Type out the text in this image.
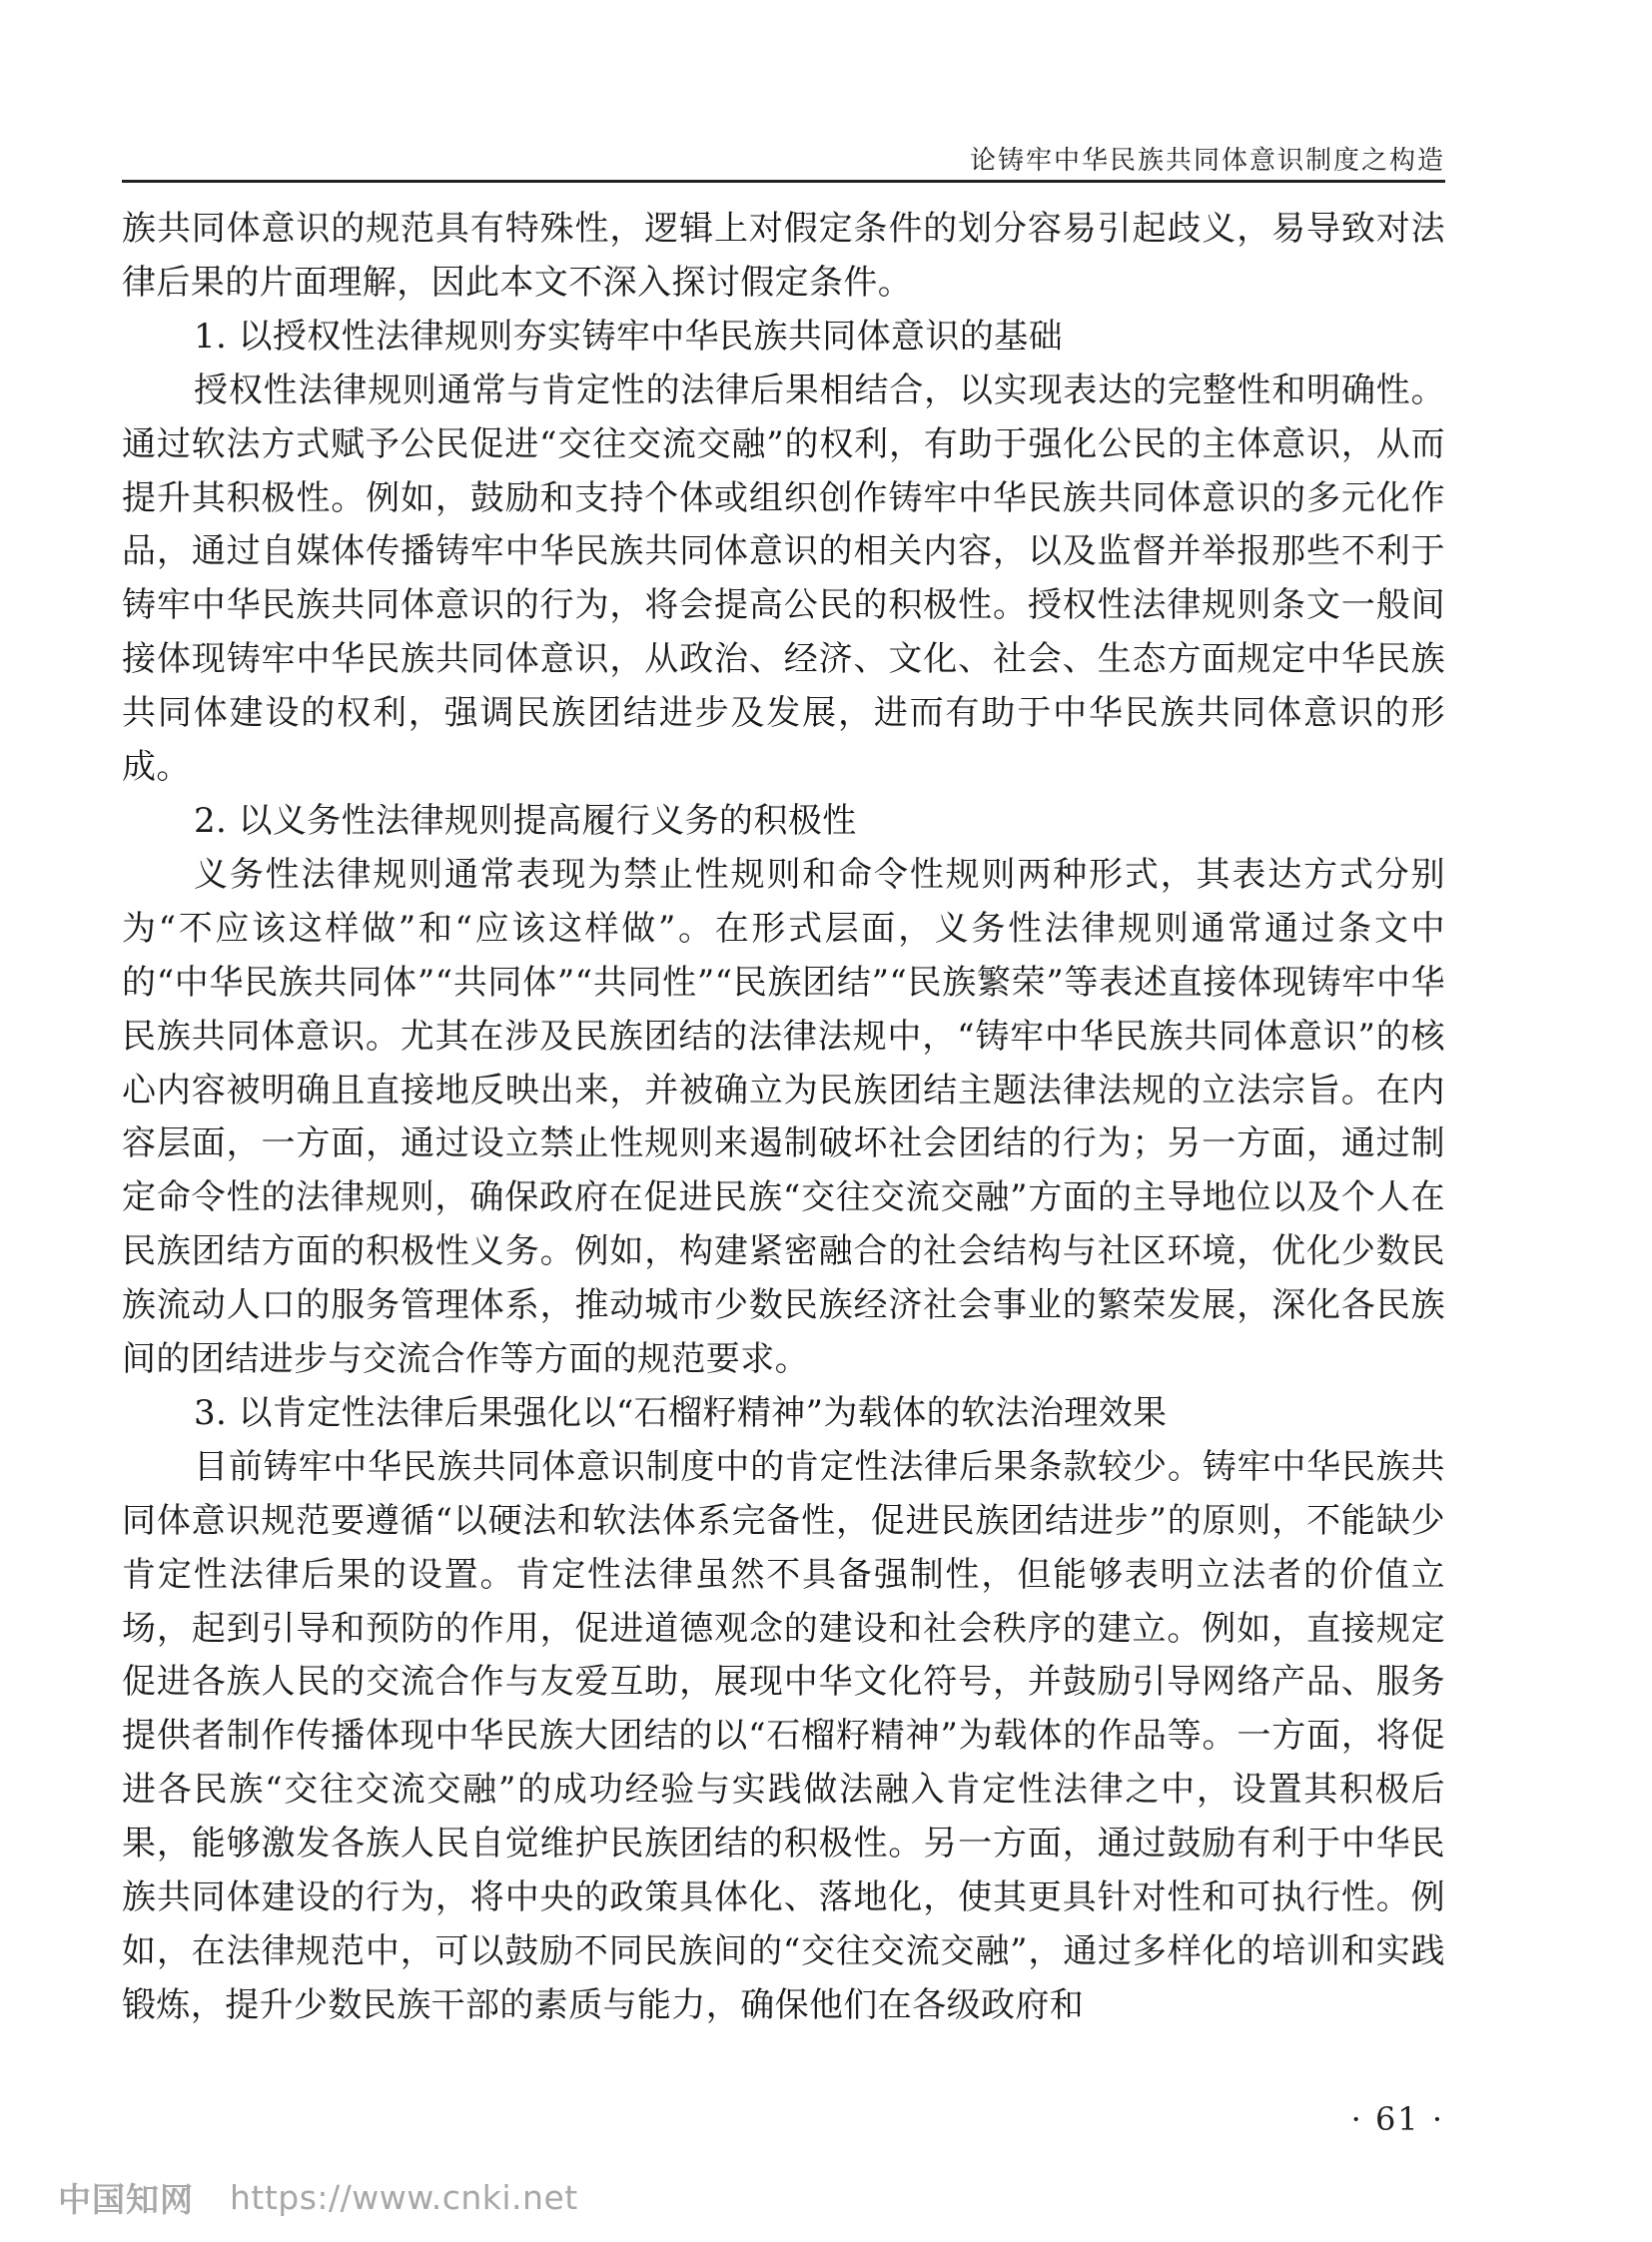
论铸牢中华民族共同体意识制度之构造

族共同体意识的规范具有特殊性，逻辑上对假定条件的划分容易引起歧义，易导致对法律后果的片面理解，因此本文不深入探讨假定条件。

1. 以授权性法律规则夯实铸牢中华民族共同体意识的基础

授权性法律规则通常与肯定性的法律后果相结合，以实现表达的完整性和明确性。通过软法方式赋予公民促进“交往交流交融”的权利，有助于强化公民的主体意识，从而提升其积极性。例如，鼓励和支持个体或组织创作铸牢中华民族共同体意识的多元化作品，通过自媒体传播铸牢中华民族共同体意识的相关内容，以及监督并举报那些不利于铸牢中华民族共同体意识的行为，将会提高公民的积极性。授权性法律规则条文一般间接体现铸牢中华民族共同体意识，从政治、经济、文化、社会、生态方面规定中华民族共同体建设的权利，强调民族团结进步及发展，进而有助于中华民族共同体意识的形成。

2. 以义务性法律规则提高履行义务的积极性

义务性法律规则通常表现为禁止性规则和命令性规则两种形式，其表达方式分别为“不应该这样做”和“应该这样做”。在形式层面，义务性法律规则通常通过条文中的“中华民族共同体”“共同体”“共同性”“民族团结”“民族繁荣”等表述直接体现铸牢中华民族共同体意识。尤其在涉及民族团结的法律法规中，“铸牢中华民族共同体意识”的核心内容被明确且直接地反映出来，并被确立为民族团结主题法律法规的立法宗旨。在内容层面，一方面，通过设立禁止性规则来遏制破坏社会团结的行为；另一方面，通过制定命令性的法律规则，确保政府在促进民族“交往交流交融”方面的主导地位以及个人在民族团结方面的积极性义务。例如，构建紧密融合的社会结构与社区环境，优化少数民族流动人口的服务管理体系，推动城市少数民族经济社会事业的繁荣发展，深化各民族间的团结进步与交流合作等方面的规范要求。

3. 以肯定性法律后果强化以“石榴籽精神”为载体的软法治理效果

目前铸牢中华民族共同体意识制度中的肯定性法律后果条款较少。铸牢中华民族共同体意识规范要遵循“以硬法和软法体系完备性，促进民族团结进步”的原则，不能缺少肯定性法律后果的设置。肯定性法律虽然不具备强制性，但能够表明立法者的价值立场，起到引导和预防的作用，促进道德观念的建设和社会秩序的建立。例如，直接规定促进各族人民的交流合作与友爱互助，展现中华文化符号，并鼓励引导网络产品、服务提供者制作传播体现中华民族大团结的以“石榴籽精神”为载体的作品等。一方面，将促进各民族“交往交流交融”的成功经验与实践做法融入肯定性法律之中，设置其积极后果，能够激发各族人民自觉维护民族团结的积极性。另一方面，通过鼓励有利于中华民族共同体建设的行为，将中央的政策具体化、落地化，使其更具针对性和可执行性。例如，在法律规范中，可以鼓励不同民族间的“交往交流交融”，通过多样化的培训和实践锻炼，提升少数民族干部的素质与能力，确保他们在各级政府和

· 61 ·
中国知网 https://www.cnki.net
